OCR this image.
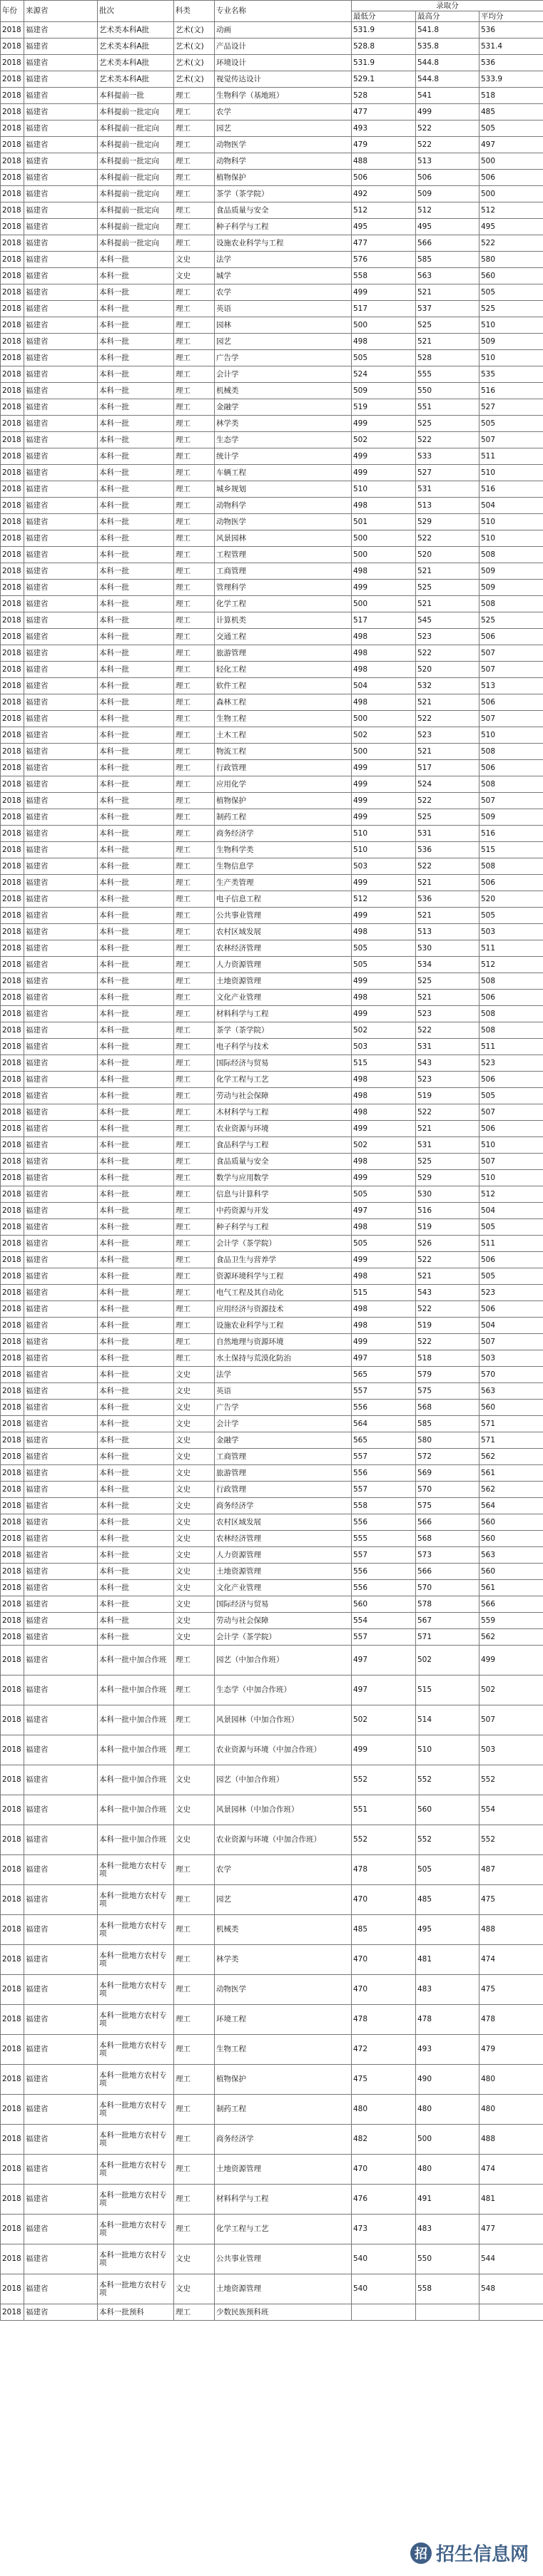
年份	来源省	批次	科类	专业名称	录取分		
					最低分	最高分	平均分
2018	福建省	艺术类本科A批	艺术(文)	动画	531.9	541.8	536
2018	福建省	艺术类本科A批	艺术(文)	产品设计	528.8	535.8	531.4
2018	福建省	艺术类本科A批	艺术(文)	环境设计	531.9	544.8	536
2018	福建省	艺术类本科A批	艺术(文)	视觉传达设计	529.1	544.8	533.9
2018	福建省	本科提前一批	理工	生物科学（基地班）	528	541	518
2018	福建省	本科提前一批定向	理工	农学	477	499	485
2018	福建省	本科提前一批定向	理工	园艺	493	522	505
2018	福建省	本科提前一批定向	理工	动物医学	479	522	497
2018	福建省	本科提前一批定向	理工	动物科学	488	513	500
2018	福建省	本科提前一批定向	理工	植物保护	506	506	506
2018	福建省	本科提前一批定向	理工	茶学（茶学院）	492	509	500
2018	福建省	本科提前一批定向	理工	食品质量与安全	512	512	512
2018	福建省	本科提前一批定向	理工	种子科学与工程	495	495	495
2018	福建省	本科提前一批定向	理工	设施农业科学与工程	477	566	522
2018	福建省	本科一批	文史	法学	576	585	580
2018	福建省	本科一批	文史	城学	558	563	560
2018	福建省	本科一批	理工	农学	499	521	505
2018	福建省	本科一批	理工	英语	517	537	525
2018	福建省	本科一批	理工	园林	500	525	510
2018	福建省	本科一批	理工	园艺	498	521	509
2018	福建省	本科一批	理工	广告学	505	528	510
2018	福建省	本科一批	理工	会计学	524	555	535
2018	福建省	本科一批	理工	机械类	509	550	516
2018	福建省	本科一批	理工	金融学	519	551	527
2018	福建省	本科一批	理工	林学类	499	525	505
2018	福建省	本科一批	理工	生态学	502	522	507
2018	福建省	本科一批	理工	统计学	499	533	511
2018	福建省	本科一批	理工	车辆工程	499	527	510
2018	福建省	本科一批	理工	城乡规划	510	531	516
2018	福建省	本科一批	理工	动物科学	498	513	504
2018	福建省	本科一批	理工	动物医学	501	529	510
2018	福建省	本科一批	理工	风景园林	500	522	510
2018	福建省	本科一批	理工	工程管理	500	520	508
2018	福建省	本科一批	理工	工商管理	498	521	509
2018	福建省	本科一批	理工	管理科学	499	525	509
2018	福建省	本科一批	理工	化学工程	500	521	508
2018	福建省	本科一批	理工	计算机类	517	545	525
2018	福建省	本科一批	理工	交通工程	498	523	506
2018	福建省	本科一批	理工	旅游管理	498	522	507
2018	福建省	本科一批	理工	轻化工程	498	520	507
2018	福建省	本科一批	理工	软件工程	504	532	513
2018	福建省	本科一批	理工	森林工程	498	521	506
2018	福建省	本科一批	理工	生物工程	500	522	507
2018	福建省	本科一批	理工	土木工程	502	523	510
2018	福建省	本科一批	理工	物流工程	500	521	508
2018	福建省	本科一批	理工	行政管理	499	517	506
2018	福建省	本科一批	理工	应用化学	499	524	508
2018	福建省	本科一批	理工	植物保护	499	522	507
2018	福建省	本科一批	理工	制药工程	499	525	509
2018	福建省	本科一批	理工	商务经济学	510	531	516
2018	福建省	本科一批	理工	生物科学类	510	536	515
2018	福建省	本科一批	理工	生物信息学	503	522	508
2018	福建省	本科一批	理工	生产类管理	499	521	506
2018	福建省	本科一批	理工	电子信息工程	512	536	520
2018	福建省	本科一批	理工	公共事业管理	499	521	505
2018	福建省	本科一批	理工	农村区域发展	498	513	503
2018	福建省	本科一批	理工	农林经济管理	505	530	511
2018	福建省	本科一批	理工	人力资源管理	505	534	512
2018	福建省	本科一批	理工	土地资源管理	499	525	508
2018	福建省	本科一批	理工	文化产业管理	498	521	506
2018	福建省	本科一批	理工	材料科学与工程	499	523	508
2018	福建省	本科一批	理工	茶学（茶学院）	502	522	508
2018	福建省	本科一批	理工	电子科学与技术	503	531	511
2018	福建省	本科一批	理工	国际经济与贸易	515	543	523
2018	福建省	本科一批	理工	化学工程与工艺	498	523	506
2018	福建省	本科一批	理工	劳动与社会保障	498	519	505
2018	福建省	本科一批	理工	木材科学与工程	498	522	507
2018	福建省	本科一批	理工	农业资源与环境	499	521	506
2018	福建省	本科一批	理工	食品科学与工程	502	531	510
2018	福建省	本科一批	理工	食品质量与安全	498	525	507
2018	福建省	本科一批	理工	数学与应用数学	499	529	510
2018	福建省	本科一批	理工	信息与计算科学	505	530	512
2018	福建省	本科一批	理工	中药资源与开发	497	516	504
2018	福建省	本科一批	理工	种子科学与工程	498	519	505
2018	福建省	本科一批	理工	会计学（茶学院）	505	526	511
2018	福建省	本科一批	理工	食品卫生与营养学	499	522	506
2018	福建省	本科一批	理工	资源环境科学与工程	498	521	505
2018	福建省	本科一批	理工	电气工程及其自动化	515	543	523
2018	福建省	本科一批	理工	应用经济与资源技术	498	522	506
2018	福建省	本科一批	理工	设施农业科学与工程	498	519	504
2018	福建省	本科一批	理工	自然地理与资源环境	499	522	507
2018	福建省	本科一批	理工	水土保持与荒漠化防治	497	518	503
2018	福建省	本科一批	文史	法学	565	579	570
2018	福建省	本科一批	文史	英语	557	575	563
2018	福建省	本科一批	文史	广告学	556	568	560
2018	福建省	本科一批	文史	会计学	564	585	571
2018	福建省	本科一批	文史	金融学	565	580	571
2018	福建省	本科一批	文史	工商管理	557	572	562
2018	福建省	本科一批	文史	旅游管理	556	569	561
2018	福建省	本科一批	文史	行政管理	557	570	562
2018	福建省	本科一批	文史	商务经济学	558	575	564
2018	福建省	本科一批	文史	农村区域发展	556	566	560
2018	福建省	本科一批	文史	农林经济管理	555	568	560
2018	福建省	本科一批	文史	人力资源管理	557	573	563
2018	福建省	本科一批	文史	土地资源管理	556	566	560
2018	福建省	本科一批	文史	文化产业管理	556	570	561
2018	福建省	本科一批	文史	国际经济与贸易	560	578	566
2018	福建省	本科一批	文史	劳动与社会保障	554	567	559
2018	福建省	本科一批	文史	会计学（茶学院）	557	571	562
2018	福建省	本科一批中加合作班	理工	园艺（中加合作班）	497	502	499
2018	福建省	本科一批中加合作班	理工	生态学（中加合作班）	497	515	502
2018	福建省	本科一批中加合作班	理工	风景园林（中加合作班）	502	514	507
2018	福建省	本科一批中加合作班	理工	农业资源与环境（中加合作班）	499	510	503
2018	福建省	本科一批中加合作班	文史	园艺（中加合作班）	552	552	552
2018	福建省	本科一批中加合作班	文史	风景园林（中加合作班）	551	560	554
2018	福建省	本科一批中加合作班	文史	农业资源与环境（中加合作班）	552	552	552
2018	福建省	本科一批地方农村专项	理工	农学	478	505	487
2018	福建省	本科一批地方农村专项	理工	园艺	470	485	475
2018	福建省	本科一批地方农村专项	理工	机械类	485	495	488
2018	福建省	本科一批地方农村专项	理工	林学类	470	481	474
2018	福建省	本科一批地方农村专项	理工	动物医学	470	483	475
2018	福建省	本科一批地方农村专项	理工	环境工程	478	478	478
2018	福建省	本科一批地方农村专项	理工	生物工程	472	493	479
2018	福建省	本科一批地方农村专项	理工	植物保护	475	490	480
2018	福建省	本科一批地方农村专项	理工	制药工程	480	480	480
2018	福建省	本科一批地方农村专项	理工	商务经济学	482	500	488
2018	福建省	本科一批地方农村专项	理工	土地资源管理	470	480	474
2018	福建省	本科一批地方农村专项	理工	材料科学与工程	476	491	481
2018	福建省	本科一批地方农村专项	理工	化学工程与工艺	473	483	477
2018	福建省	本科一批地方农村专项	文史	公共事业管理	540	550	544
2018	福建省	本科一批地方农村专项	文史	土地资源管理	540	558	548
2018	福建省	本科一批预科	理工	少数民族预科班			
招 招生信息网
